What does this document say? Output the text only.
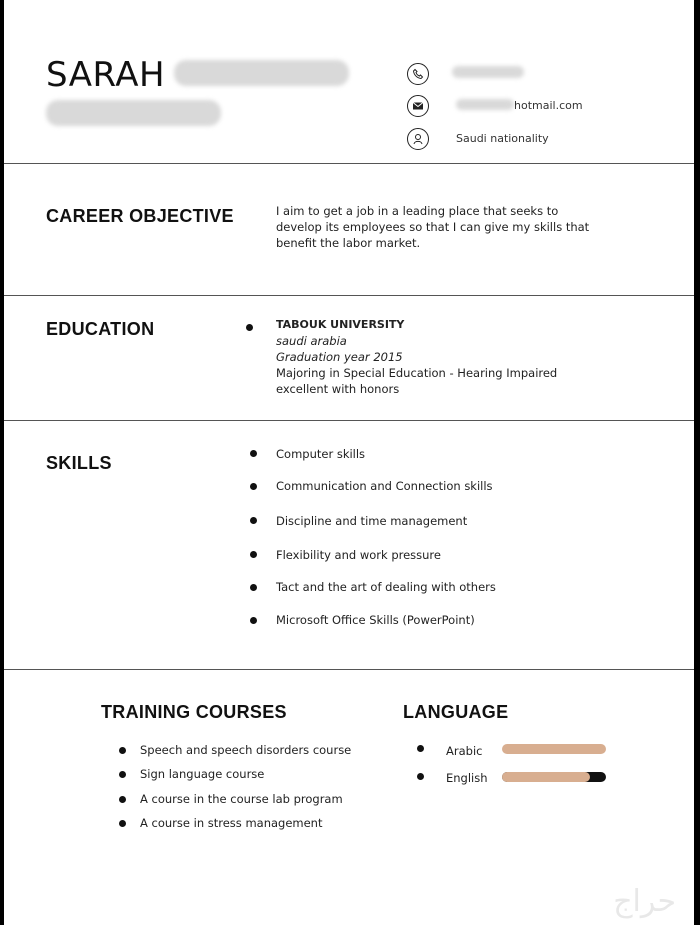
SARAH
hotmail.com
Saudi nationality
CAREER OBJECTIVE	I aim to get a job in a leading place that seeks to
develop its employees so that I can give my skills that
benefit the labor market.
EDUCATION	TABOUK UNIVERSITY
saudi arabia
Graduation year 2015
Majoring in Special Education - Hearing Impaired
excellent with honors
SKILLS	Computer skills
Communication and Connection skills
Discipline and time management
Flexibility and work pressure
Tact and the art of dealing with others
Microsoft Office Skills (PowerPoint)
TRAINING COURSES
Speech and speech disorders course
Sign language course
A course in the course lab program
A course in stress management
LANGUAGE
Arabic
English
حراج
